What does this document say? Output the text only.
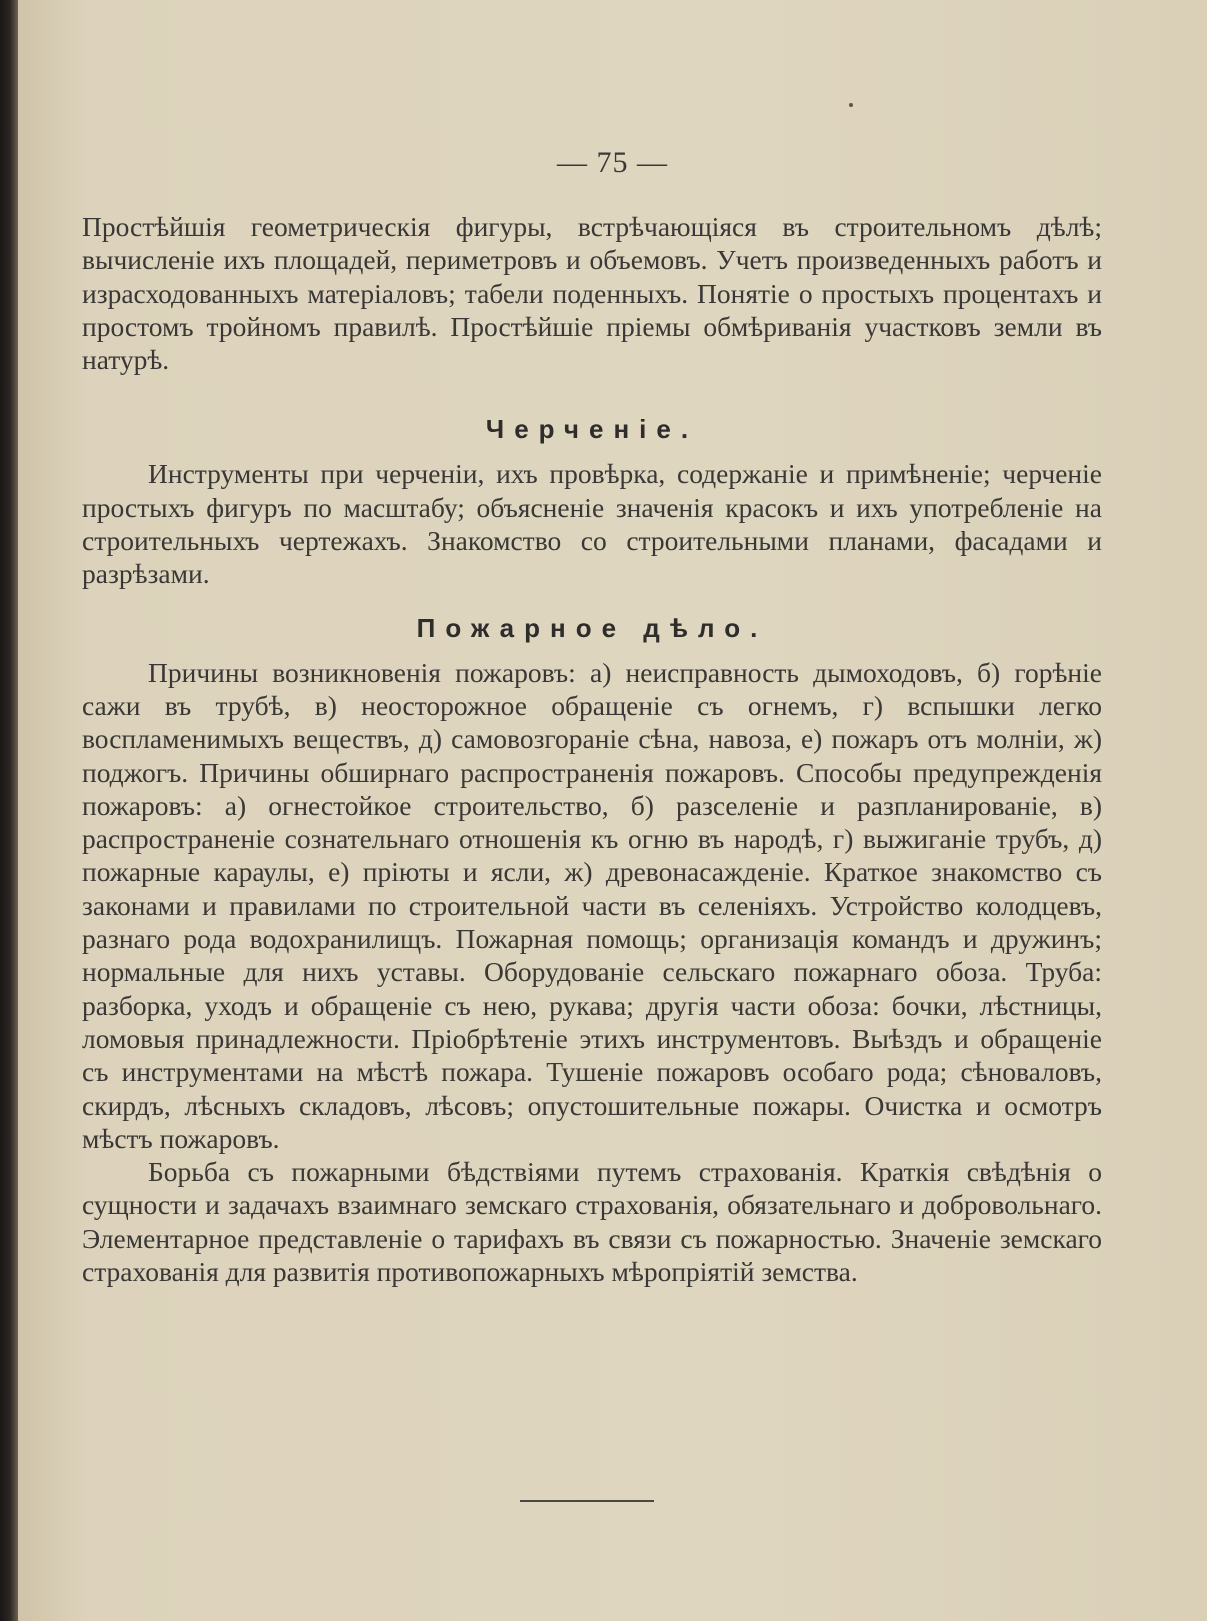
— 75 —

Простѣйшія геометрическія фигуры, встрѣчающіяся въ строительномъ дѣлѣ; вычисленіе ихъ площадей, периметровъ и объемовъ. Учетъ произведенныхъ работъ и израсходованныхъ матеріаловъ; табели поденныхъ. Понятіе о простыхъ процентахъ и простомъ тройномъ правилѣ. Простѣйшіе пріемы обмѣриванія участковъ земли въ натурѣ.

Черченіе.

Инструменты при черченіи, ихъ провѣрка, содержаніе и примѣненіе; черченіе простыхъ фигуръ по масштабу; объясненіе значенія красокъ и ихъ употребленіе на строительныхъ чертежахъ. Знакомство со строительными планами, фасадами и разрѣзами.

Пожарное дѣло.

Причины возникновенія пожаровъ: а) неисправность дымоходовъ, б) горѣніе сажи въ трубѣ, в) неосторожное обращеніе съ огнемъ, г) вспышки легко воспламенимыхъ веществъ, д) самовозгораніе сѣна, навоза, е) пожаръ отъ молніи, ж) поджогъ. Причины обширнаго распространенія пожаровъ. Способы предупрежденія пожаровъ: а) огнестойкое строительство, б) разселеніе и разпланированіе, в) распространеніе сознательнаго отношенія къ огню въ народѣ, г) выжиганіе трубъ, д) пожарные караулы, е) пріюты и ясли, ж) древонасажденіе. Краткое знакомство съ законами и правилами по строительной части въ селеніяхъ. Устройство колодцевъ, разнаго рода водохранилищъ. Пожарная помощь; организація командъ и дружинъ; нормальные для нихъ уставы. Оборудованіе сельскаго пожарнаго обоза. Труба: разборка, уходъ и обращеніе съ нею, рукава; другія части обоза: бочки, лѣстницы, ломовыя принадлежности. Пріобрѣтеніе этихъ инструментовъ. Выѣздъ и обращеніе съ инструментами на мѣстѣ пожара. Тушеніе пожаровъ особаго рода; сѣноваловъ, скирдъ, лѣсныхъ складовъ, лѣсовъ; опустошительные пожары. Очистка и осмотръ мѣстъ пожаровъ.

Борьба съ пожарными бѣдствіями путемъ страхованія. Краткія свѣдѣнія о сущности и задачахъ взаимнаго земскаго страхованія, обязательнаго и добровольнаго. Элементарное представленіе о тарифахъ въ связи съ пожарностью. Значеніе земскаго страхованія для развитія противопожарныхъ мѣропріятій земства.
